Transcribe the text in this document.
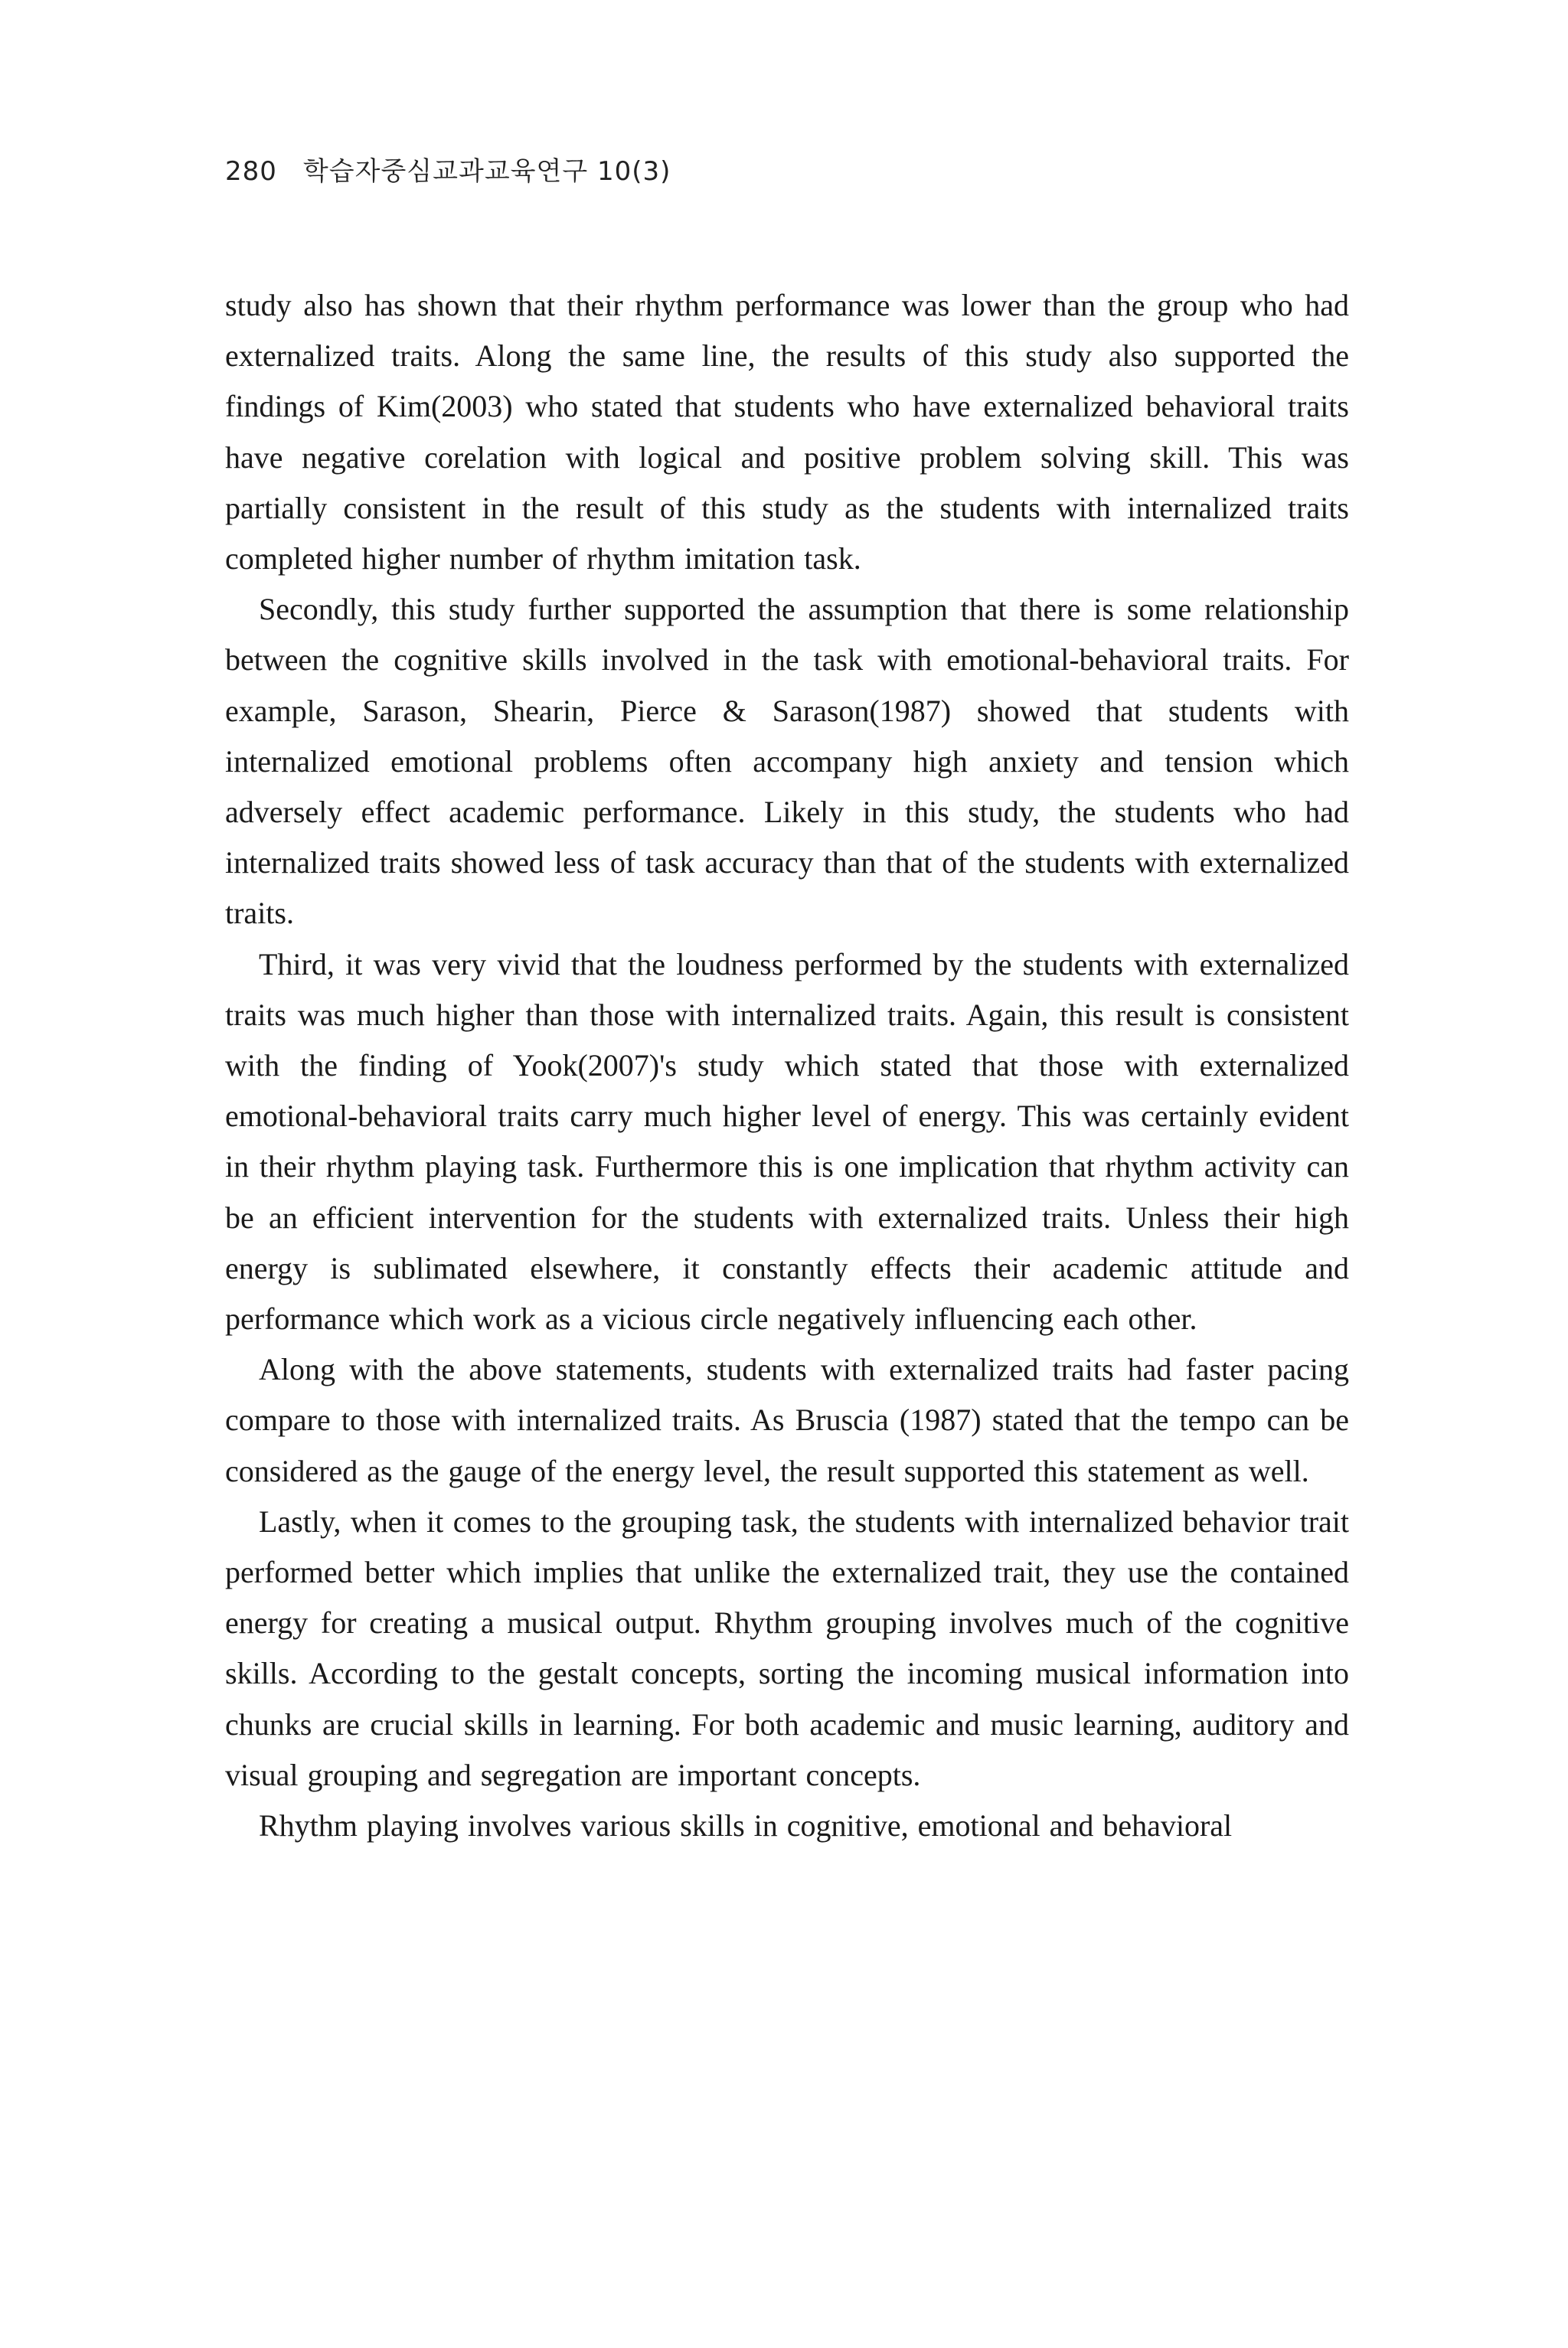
280 학습자중심교과교육연구 10(3)

study also has shown that their rhythm performance was lower than the group who had externalized traits. Along the same line, the results of this study also supported the findings of Kim(2003) who stated that students who have externalized behavioral traits have negative corelation with logical and positive problem solving skill. This was partially consistent in the result of this study as the students with internalized traits completed higher number of rhythm imitation task.

Secondly, this study further supported the assumption that there is some relationship between the cognitive skills involved in the task with emotional-behavioral traits. For example, Sarason, Shearin, Pierce & Sarason(1987) showed that students with internalized emotional problems often accompany high anxiety and tension which adversely effect academic performance. Likely in this study, the students who had internalized traits showed less of task accuracy than that of the students with externalized traits.

Third, it was very vivid that the loudness performed by the students with externalized traits was much higher than those with internalized traits. Again, this result is consistent with the finding of Yook(2007)'s study which stated that those with externalized emotional-behavioral traits carry much higher level of energy. This was certainly evident in their rhythm playing task. Furthermore this is one implication that rhythm activity can be an efficient intervention for the students with externalized traits. Unless their high energy is sublimated elsewhere, it constantly effects their academic attitude and performance which work as a vicious circle negatively influencing each other.

Along with the above statements, students with externalized traits had faster pacing compare to those with internalized traits. As Bruscia (1987) stated that the tempo can be considered as the gauge of the energy level, the result supported this statement as well.

Lastly, when it comes to the grouping task, the students with internalized behavior trait performed better which implies that unlike the externalized trait, they use the contained energy for creating a musical output. Rhythm grouping involves much of the cognitive skills. According to the gestalt concepts, sorting the incoming musical information into chunks are crucial skills in learning. For both academic and music learning, auditory and visual grouping and segregation are important concepts.

Rhythm playing involves various skills in cognitive, emotional and behavioral
